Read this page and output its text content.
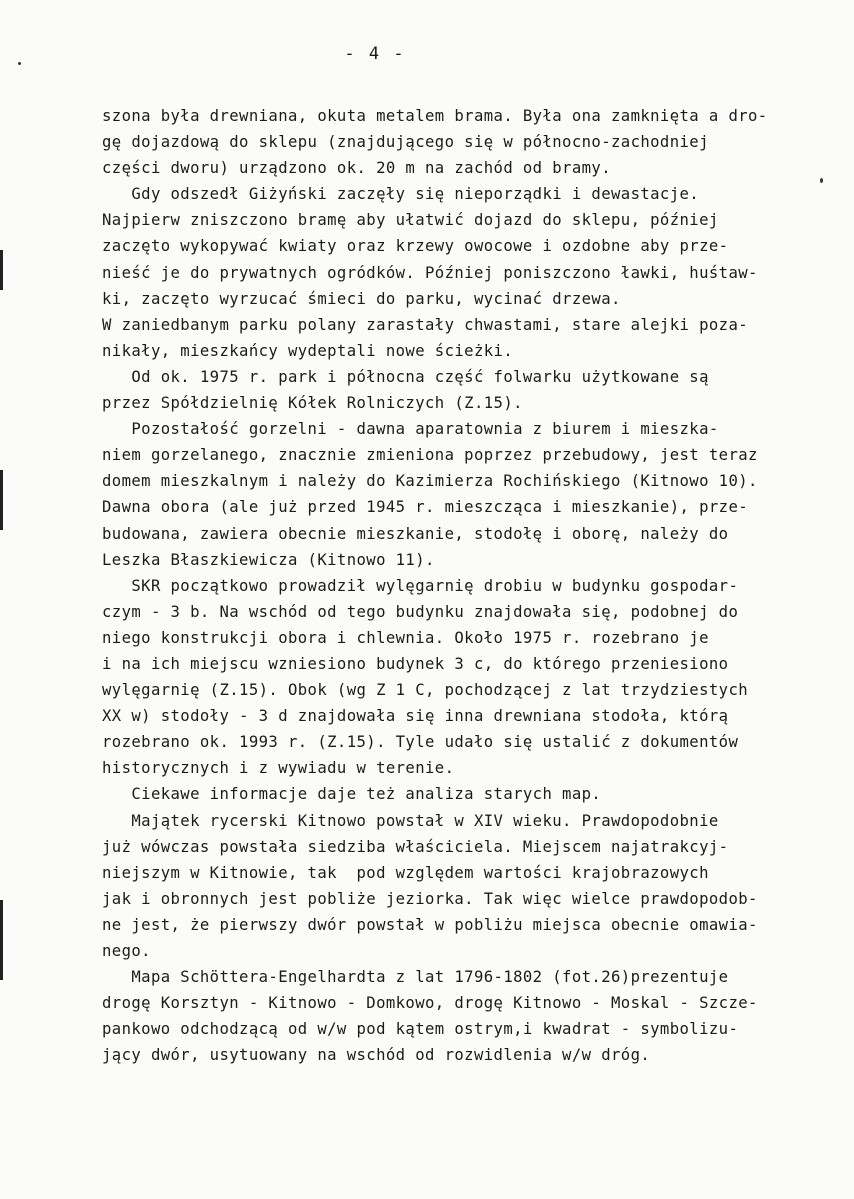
- 4 -
szona była drewniana, okuta metalem brama. Była ona zamknięta a dro-
gę dojazdową do sklepu (znajdującego się w północno-zachodniej
części dworu) urządzono ok. 20 m na zachód od bramy.
Gdy odszedł Giżyński zaczęły się nieporządki i dewastacje.
Najpierw zniszczono bramę aby ułatwić dojazd do sklepu, później
zaczęto wykopywać kwiaty oraz krzewy owocowe i ozdobne aby prze-
nieść je do prywatnych ogródków. Później poniszczono ławki, huśtaw-
ki, zaczęto wyrzucać śmieci do parku, wycinać drzewa.
W zaniedbanym parku polany zarastały chwastami, stare alejki poza-
nikały, mieszkańcy wydeptali nowe ścieżki.
Od ok. 1975 r. park i północna część folwarku użytkowane są
przez Spółdzielnię Kółek Rolniczych (Z.15).
Pozostałość gorzelni - dawna aparatownia z biurem i mieszka-
niem gorzelanego, znacznie zmieniona poprzez przebudowy, jest teraz
domem mieszkalnym i należy do Kazimierza Rochińskiego (Kitnowo 10).
Dawna obora (ale już przed 1945 r. mieszcząca i mieszkanie), prze-
budowana, zawiera obecnie mieszkanie, stodołę i oborę, należy do
Leszka Błaszkiewicza (Kitnowo 11).
SKR początkowo prowadził wylęgarnię drobiu w budynku gospodar-
czym - 3 b. Na wschód od tego budynku znajdowała się, podobnej do
niego konstrukcji obora i chlewnia. Około 1975 r. rozebrano je
i na ich miejscu wzniesiono budynek 3 c, do którego przeniesiono
wylęgarnię (Z.15). Obok (wg Z 1 C, pochodzącej z lat trzydziestych
XX w) stodoły - 3 d znajdowała się inna drewniana stodoła, którą
rozebrano ok. 1993 r. (Z.15). Tyle udało się ustalić z dokumentów
historycznych i z wywiadu w terenie.
Ciekawe informacje daje też analiza starych map.
Majątek rycerski Kitnowo powstał w XIV wieku. Prawdopodobnie
już wówczas powstała siedziba właściciela. Miejscem najatrakcyj-
niejszym w Kitnowie, tak  pod względem wartości krajobrazowych
jak i obronnych jest pobliże jeziorka. Tak więc wielce prawdopodob-
ne jest, że pierwszy dwór powstał w pobliżu miejsca obecnie omawia-
nego.
Mapa Schöttera-Engelhardta z lat 1796-1802 (fot.26)prezentuje
drogę Korsztyn - Kitnowo - Domkowo, drogę Kitnowo - Moskal - Szcze-
pankowo odchodzącą od w/w pod kątem ostrym,i kwadrat - symbolizu-
jący dwór, usytuowany na wschód od rozwidlenia w/w dróg.
